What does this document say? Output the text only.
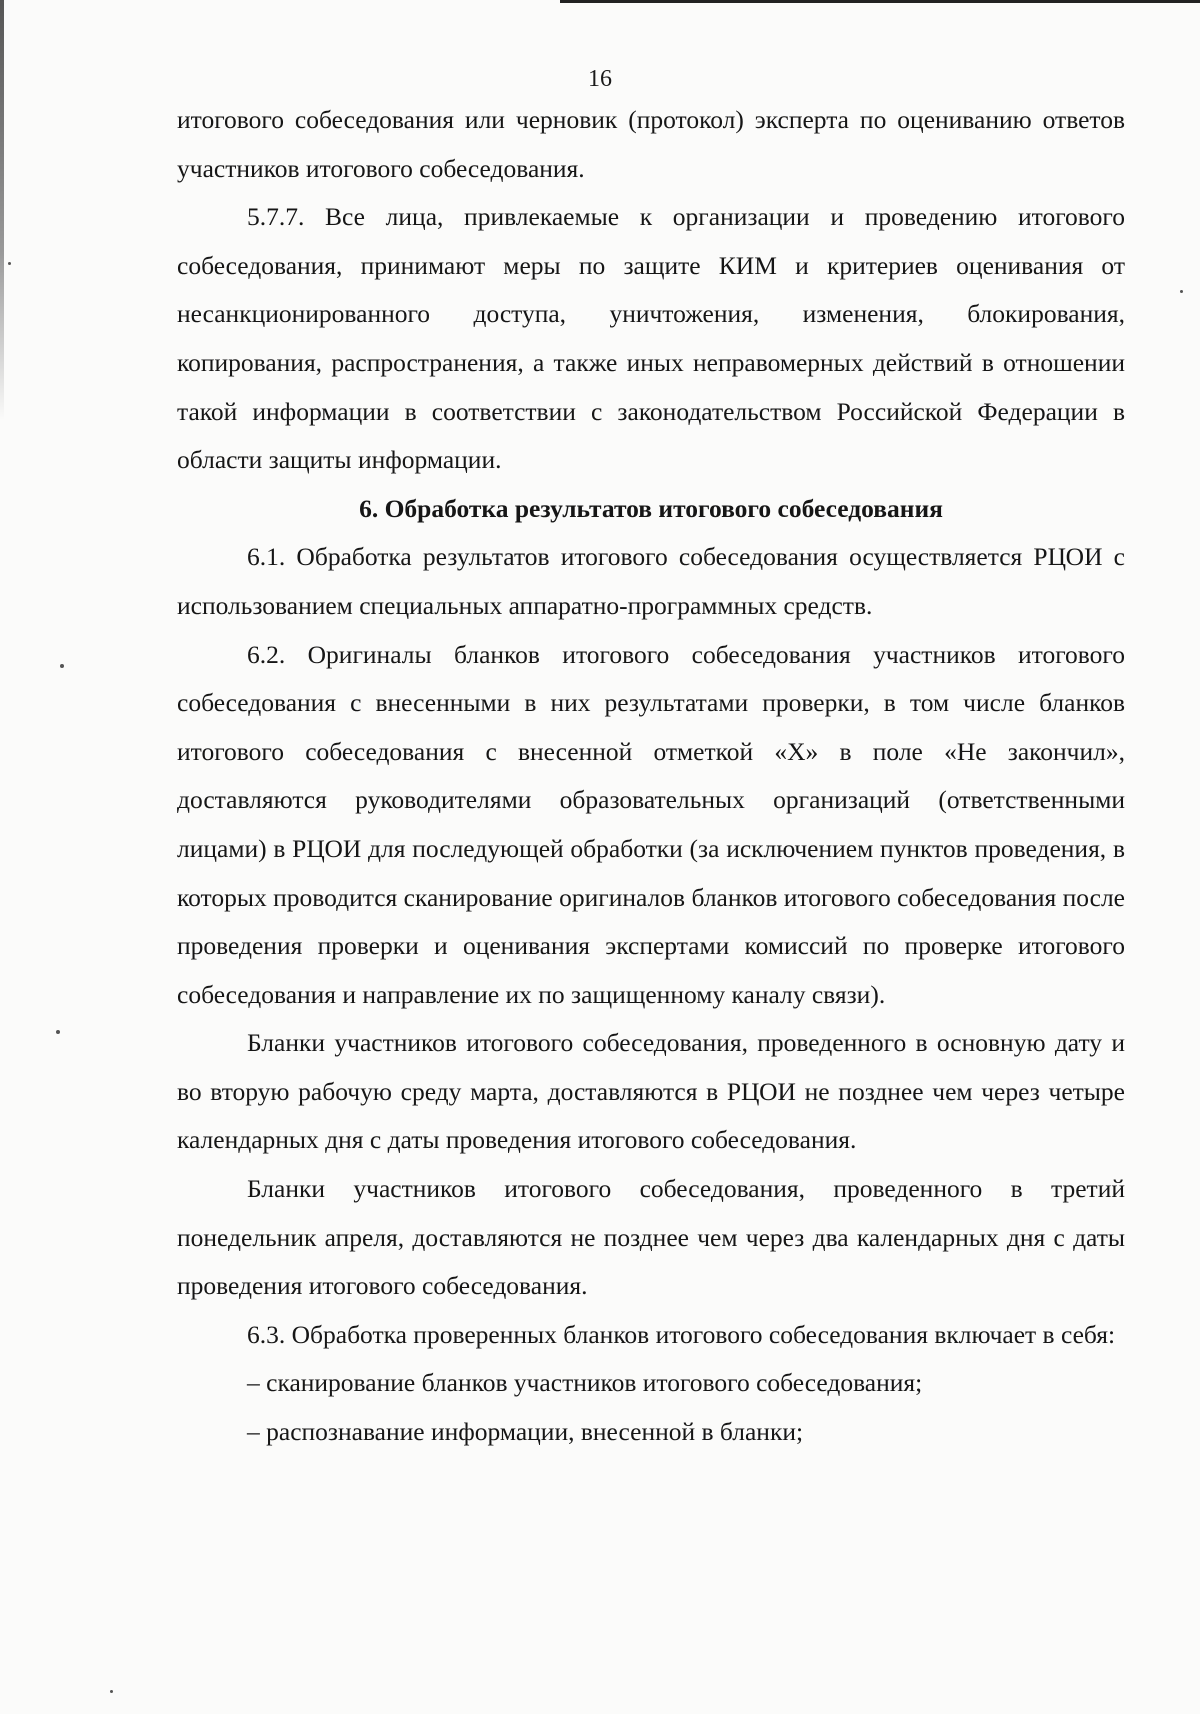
16

итогового собеседования или черновик (протокол) эксперта по оцениванию ответов участников итогового собеседования.

5.7.7. Все лица, привлекаемые к организации и проведению итогового собеседования, принимают меры по защите КИМ и критериев оценивания от несанкционированного доступа, уничтожения, изменения, блокирования, копирования, распространения, а также иных неправомерных действий в отношении такой информации в соответствии с законодательством Российской Федерации в области защиты информации.

6. Обработка результатов итогового собеседования

6.1. Обработка результатов итогового собеседования осуществляется РЦОИ с использованием специальных аппаратно-программных средств.

6.2. Оригиналы бланков итогового собеседования участников итогового собеседования с внесенными в них результатами проверки, в том числе бланков итогового собеседования с внесенной отметкой «Х» в поле «Не закончил», доставляются руководителями образовательных организаций (ответственными лицами) в РЦОИ для последующей обработки (за исключением пунктов проведения, в которых проводится сканирование оригиналов бланков итогового собеседования после проведения проверки и оценивания экспертами комиссий по проверке итогового собеседования и направление их по защищенному каналу связи).

Бланки участников итогового собеседования, проведенного в основную дату и во вторую рабочую среду марта, доставляются в РЦОИ не позднее чем через четыре календарных дня с даты проведения итогового собеседования.

Бланки участников итогового собеседования, проведенного в третий понедельник апреля, доставляются не позднее чем через два календарных дня с даты проведения итогового собеседования.

6.3. Обработка проверенных бланков итогового собеседования включает в себя:

– сканирование бланков участников итогового собеседования;

– распознавание информации, внесенной в бланки;
